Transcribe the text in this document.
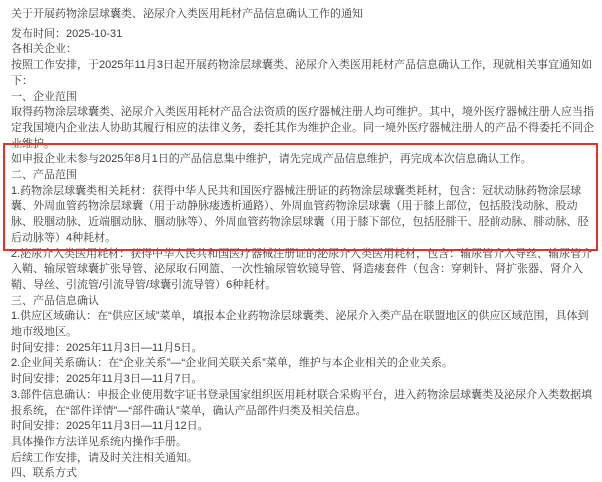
关于开展药物涂层球囊类、泌尿介入类医用耗材产品信息确认工作的通知

发布时间：2025-10-31

各相关企业：

按照工作安排，于2025年11月3日起开展药物涂层球囊类、泌尿介入类医用耗材产品信息确认工作，现就相关事宜通知如下：

一、企业范围

取得药物涂层球囊类、泌尿介入类医用耗材产品合法资质的医疗器械注册人均可维护。其中，境外医疗器械注册人应当指定我国境内企业法人协助其履行相应的法律义务，委托其作为维护企业。同一境外医疗器械注册人的产品不得委托不同企业维护。

如申报企业未参与2025年8月1日的产品信息集中维护，请先完成产品信息维护，再完成本次信息确认工作。

二、产品范围

1.药物涂层球囊类相关耗材：获得中华人民共和国医疗器械注册证的药物涂层球囊类耗材，包含：冠状动脉药物涂层球囊、外周血管药物涂层球囊（用于动静脉瘘透析通路）、外周血管药物涂层球囊（用于膝上部位，包括股浅动脉、股动脉、股腘动脉、近端腘动脉、腘动脉等）、外周血管药物涂层球囊（用于膝下部位，包括胫腓干、胫前动脉、腓动脉、胫后动脉等）4种耗材。

2.泌尿介入类医用耗材：获得中华人民共和国医疗器械注册证的泌尿介入类医用耗材，包含：输尿管介入导丝、输尿管介入鞘、输尿管球囊扩张导管、泌尿取石网篮、一次性输尿管软镜导管、肾造瘘套件（包含：穿刺针、肾扩张器、肾介入鞘、导丝、引流管/引流导管/球囊引流导管）6种耗材。

三、产品信息确认

1.供应区域确认：在“供应区域”菜单，填报本企业药物涂层球囊类、泌尿介入类产品在联盟地区的供应区域范围，具体到地市级地区。

时间安排：2025年11月3日—11月5日。

2.企业间关系确认：在“企业关系”—“企业间关联关系”菜单，维护与本企业相关的企业关系。

时间安排：2025年11月3日—11月7日。

3.部件信息确认：申报企业使用数字证书登录国家组织医用耗材联合采购平台，进入药物涂层球囊类及泌尿介入类数据填报系统，在“部件详情”—“部件确认”菜单，确认产品部件归类及相关信息。

时间安排：2025年11月3日—11月12日。

具体操作方法详见系统内操作手册。

后续工作安排，请及时关注相关通知。

四、联系方式
